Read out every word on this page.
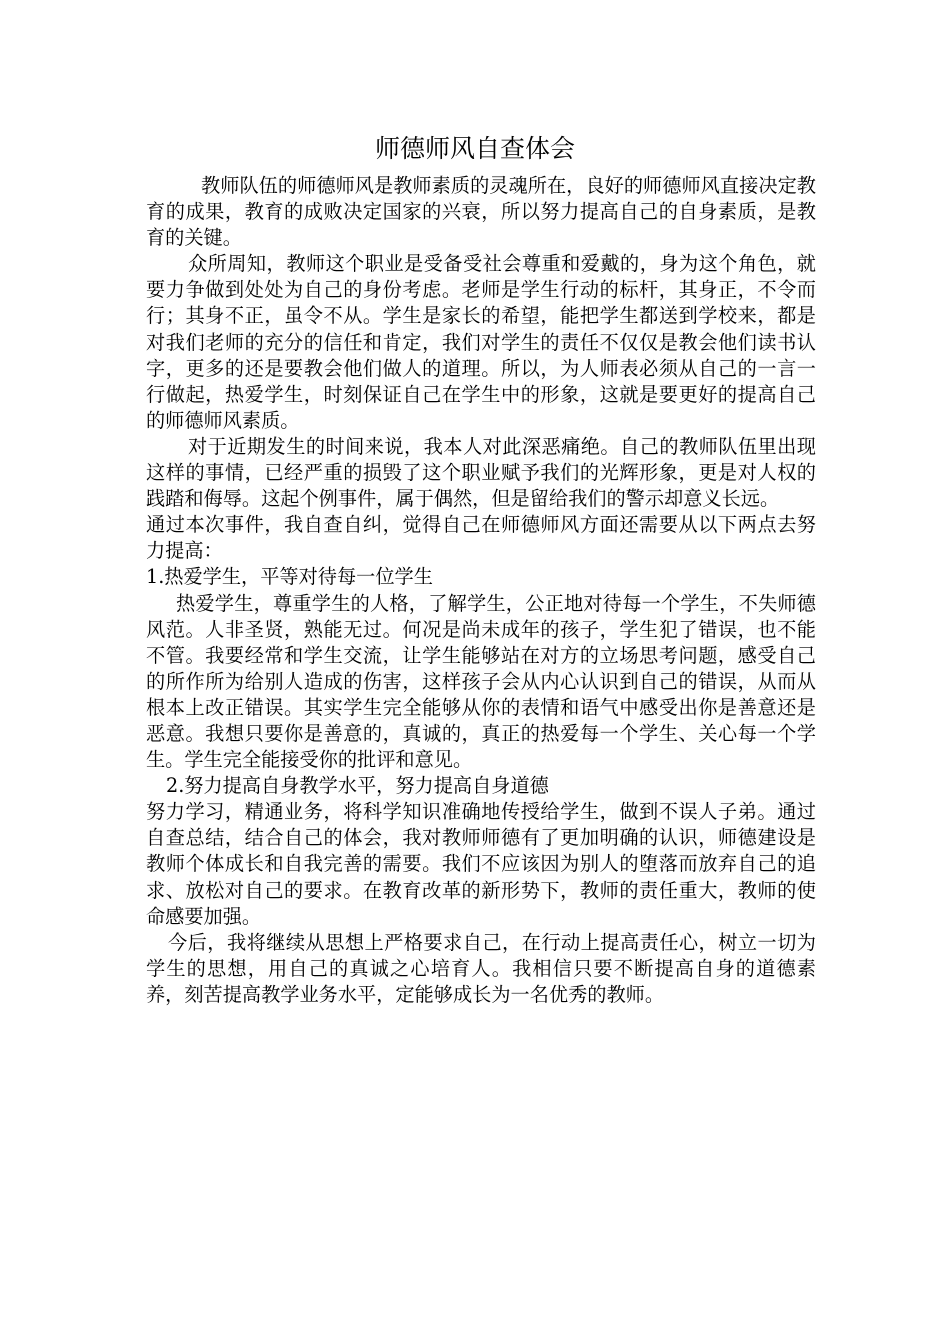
师德师风自查体会

教师队伍的师德师风是教师素质的灵魂所在，良好的师德师风直接决定教育的成果，教育的成败决定国家的兴衰，所以努力提高自己的自身素质，是教育的关键。

众所周知，教师这个职业是受备受社会尊重和爱戴的，身为这个角色，就要力争做到处处为自己的身份考虑。老师是学生行动的标杆，其身正，不令而行；其身不正，虽令不从。学生是家长的希望，能把学生都送到学校来，都是对我们老师的充分的信任和肯定，我们对学生的责任不仅仅是教会他们读书认字，更多的还是要教会他们做人的道理。所以，为人师表必须从自己的一言一行做起，热爱学生，时刻保证自己在学生中的形象，这就是要更好的提高自己的师德师风素质。

对于近期发生的时间来说，我本人对此深恶痛绝。自己的教师队伍里出现这样的事情，已经严重的损毁了这个职业赋予我们的光辉形象，更是对人权的践踏和侮辱。这起个例事件，属于偶然，但是留给我们的警示却意义长远。

通过本次事件，我自查自纠，觉得自己在师德师风方面还需要从以下两点去努力提高：

1.热爱学生，平等对待每一位学生

热爱学生，尊重学生的人格，了解学生，公正地对待每一个学生，不失师德风范。人非圣贤，熟能无过。何况是尚未成年的孩子，学生犯了错误，也不能不管。我要经常和学生交流，让学生能够站在对方的立场思考问题，感受自己的所作所为给别人造成的伤害，这样孩子会从内心认识到自己的错误，从而从根本上改正错误。其实学生完全能够从你的表情和语气中感受出你是善意还是恶意。我想只要你是善意的，真诚的，真正的热爱每一个学生、关心每一个学生。学生完全能接受你的批评和意见。

2.努力提高自身教学水平，努力提高自身道德

努力学习，精通业务，将科学知识准确地传授给学生，做到不误人子弟。通过自查总结，结合自己的体会，我对教师师德有了更加明确的认识，师德建设是教师个体成长和自我完善的需要。我们不应该因为别人的堕落而放弃自己的追求、放松对自己的要求。在教育改革的新形势下，教师的责任重大，教师的使命感要加强。

今后，我将继续从思想上严格要求自己，在行动上提高责任心，树立一切为学生的思想，用自己的真诚之心培育人。我相信只要不断提高自身的道德素养，刻苦提高教学业务水平，定能够成长为一名优秀的教师。
